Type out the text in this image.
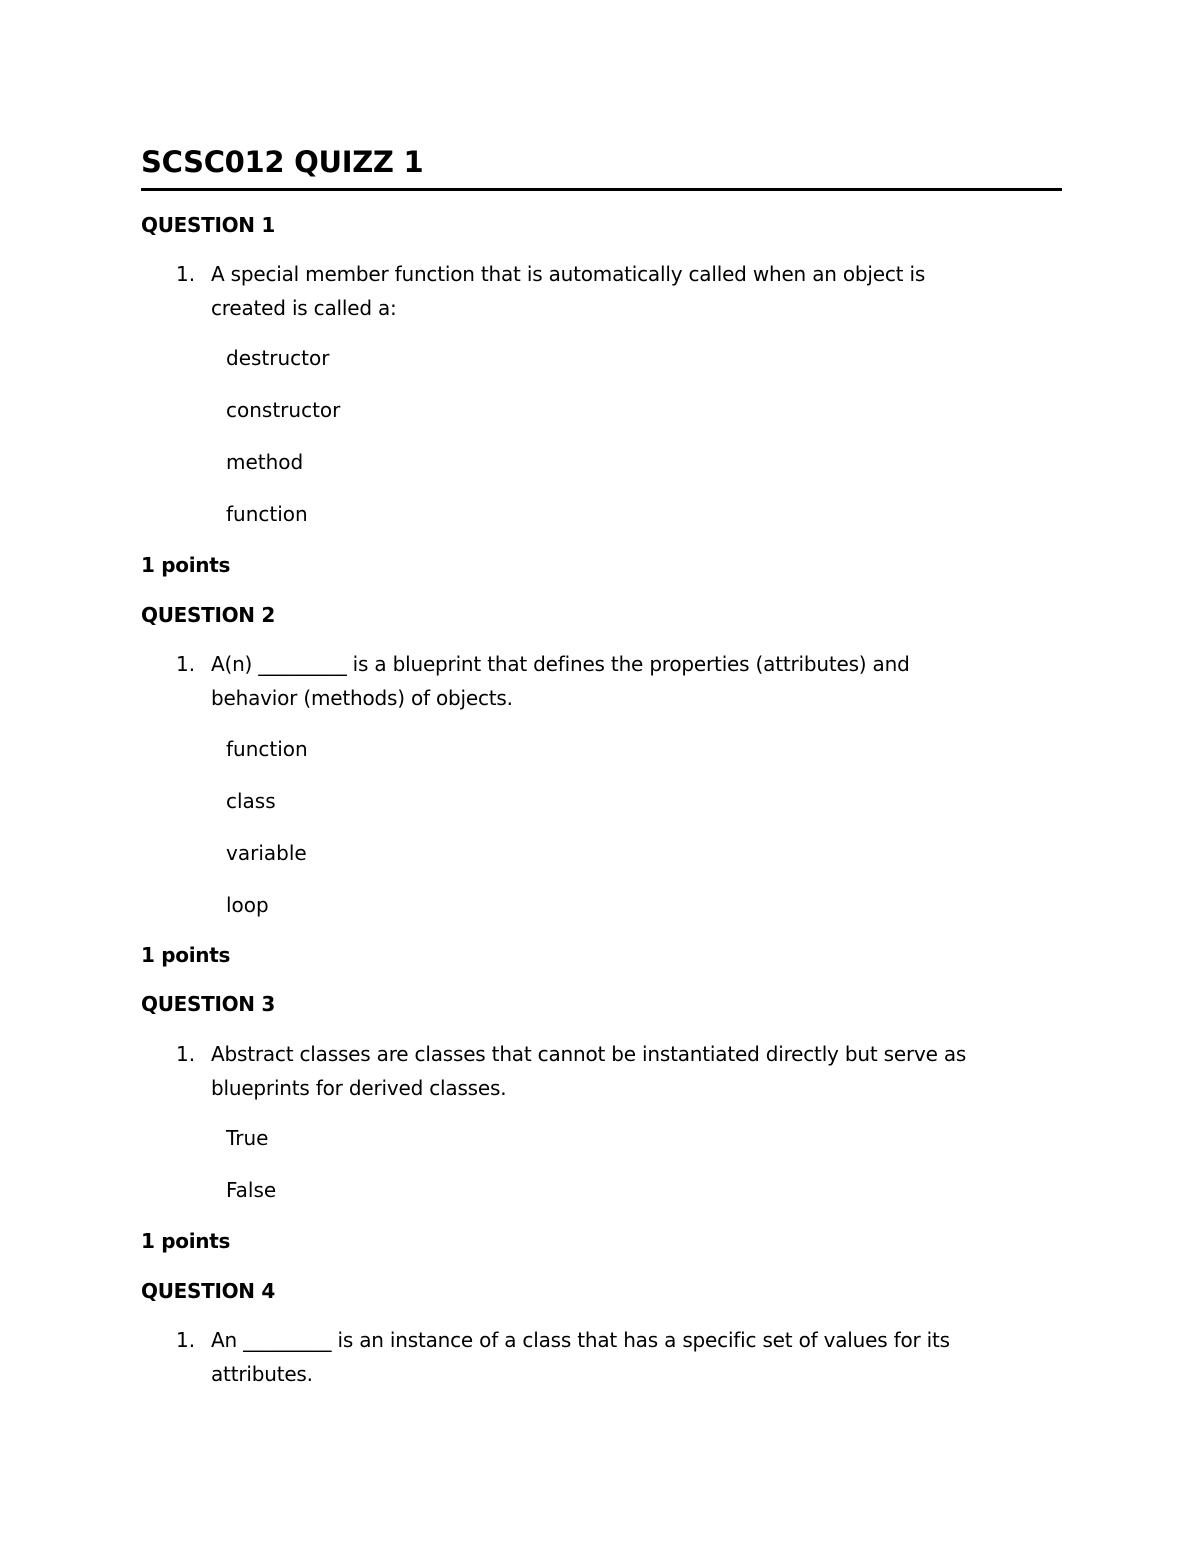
SCSC012 QUIZZ 1
QUESTION 1
1. A special member function that is automatically called when an object is
created is called a:
destructor
constructor
method
function
1 points
QUESTION 2
1. A(n) _________ is a blueprint that defines the properties (attributes) and
behavior (methods) of objects.
function
class
variable
loop
1 points
QUESTION 3
1. Abstract classes are classes that cannot be instantiated directly but serve as
blueprints for derived classes.
True
False
1 points
QUESTION 4
1. An _________ is an instance of a class that has a specific set of values for its
attributes.
